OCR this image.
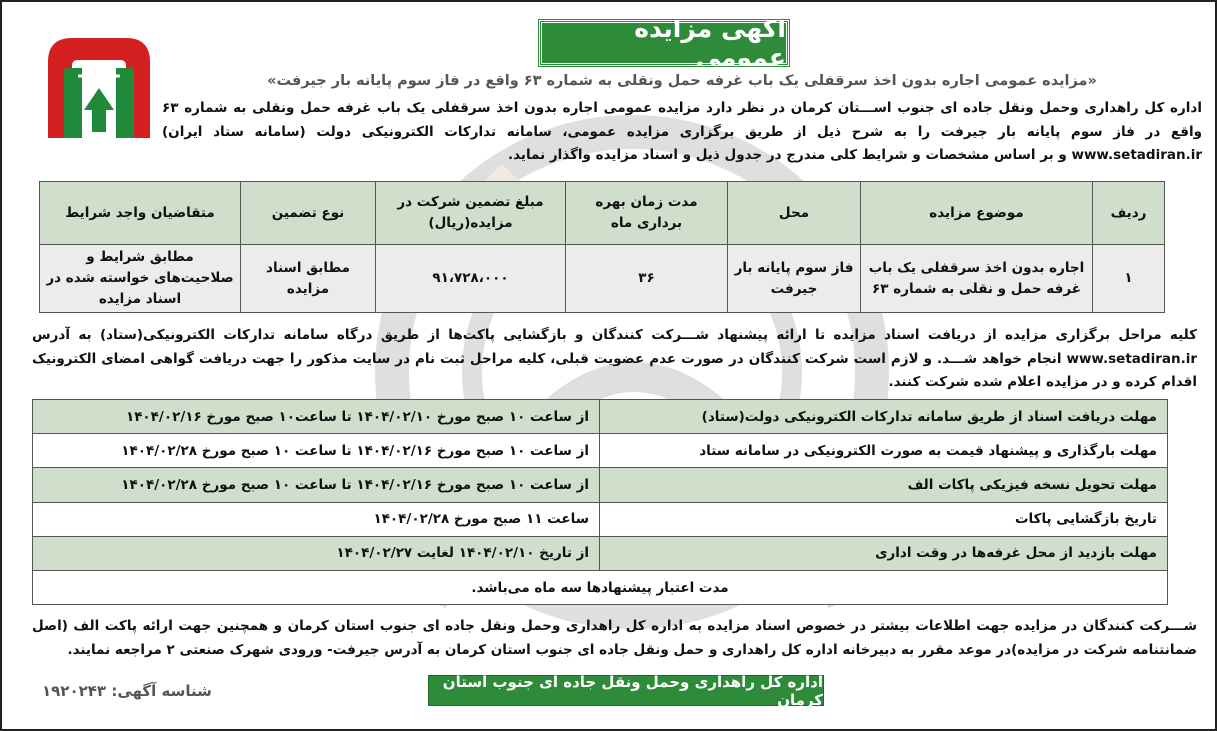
آگهی مزایده عمومی
«مزایده عمومی اجاره بدون اخذ سرقفلی یک باب غرفه حمل ونقلی به شماره ۶۳ واقع در فاز سوم پایانه بار جیرفت»
اداره کل راهداری وحمل ونقل جاده ای جنوب اســـتان کرمان در نظر دارد مزایده عمومی اجاره بدون اخذ سرقفلی یک باب غرفه حمل ونقلی به شماره ۶۳ واقع در فاز سوم پایانه بار جیرفت را به شرح ذیل از طریق برگزاری مزایده عمومی، سامانه تدارکات الکترونیکی دولت (سامانه ستاد ایران) www.setadiran.ir و بر اساس مشخصات و شرایط کلی مندرج در جدول ذیل و اسناد مزایده واگذار نماید.
ردیف	موضوع مزایده	محل	مدت زمان بهره برداری ماه	مبلغ تضمین شرکت در مزایده(ریال)	نوع تضمین	متقاضیان واجد شرایط
۱	اجاره بدون اخذ سرقفلی یک باب غرفه حمل و نقلی به شماره ۶۳	فاز سوم پایانه بار جیرفت	۳۶	۹۱،۷۲۸،۰۰۰	مطابق اسناد مزایده	مطابق شرایط و صلاحیت‌های خواسته شده در اسناد مزایده
کلیه مراحل برگزاری مزایده از دریافت اسناد مزایده تا ارائه پیشنهاد شـــرکت کنندگان و بازگشایی پاکت‌ها از طریق درگاه سامانه تدارکات الکترونیکی(ستاد) به آدرس www.setadiran.ir انجام خواهد شـــد. و لازم است شرکت کنندگان در صورت عدم عضویت قبلی، کلیه مراحل ثبت نام در سایت مذکور را جهت دریافت گواهی امضای الکترونیک اقدام کرده و در مزایده اعلام شده شرکت کنند.
مهلت دریافت اسناد از طریق سامانه تدارکات الکترونیکی دولت(ستاد)	از ساعت ۱۰ صبح مورخ ۱۴۰۴/۰۲/۱۰ تا ساعت۱۰ صبح مورخ ۱۴۰۴/۰۲/۱۶
مهلت بارگذاری و پیشنهاد قیمت به صورت الکترونیکی در سامانه ستاد	از ساعت ۱۰ صبح مورخ ۱۴۰۴/۰۲/۱۶ تا ساعت ۱۰ صبح مورخ ۱۴۰۴/۰۲/۲۸
مهلت تحویل نسخه فیزیکی پاکات الف	از ساعت ۱۰ صبح مورخ ۱۴۰۴/۰۲/۱۶ تا ساعت ۱۰ صبح مورخ ۱۴۰۴/۰۲/۲۸
تاریخ بازگشایی پاکات	ساعت ۱۱ صبح مورخ ۱۴۰۴/۰۲/۲۸
مهلت بازدید از محل غرفه‌ها در وقت اداری	از تاریخ ۱۴۰۴/۰۲/۱۰ لغایت ۱۴۰۴/۰۲/۲۷
مدت اعتبار پیشنهادها سه ماه می‌باشد.	
شـــرکت کنندگان در مزایده جهت اطلاعات بیشتر در خصوص اسناد مزایده به اداره کل راهداری وحمل ونقل جاده ای جنوب استان کرمان و همچنین جهت ارائه پاکت الف (اصل ضمانتنامه شرکت در مزایده)در موعد مقرر به دبیرخانه اداره کل راهداری و حمل ونقل جاده ای جنوب استان کرمان به آدرس جیرفت- ورودی شهرک صنعتی ۲ مراجعه نمایند.
اداره کل راهداری وحمل ونقل جاده ای جنوب استان کرمان
شناسه آگهی: ۱۹۲۰۲۴۳
